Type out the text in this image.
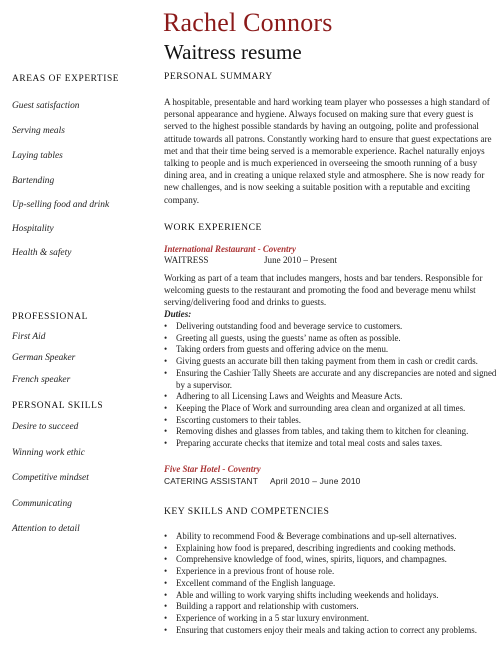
Rachel Connors
Waitress resume
AREAS OF EXPERTISE
Guest satisfaction
Serving meals
Laying tables
Bartending
Up-selling food and drink
Hospitality
Health & safety
PROFESSIONAL
First Aid
German Speaker
French speaker
PERSONAL SKILLS
Desire to succeed
Winning work ethic
Competitive mindset
Communicating
Attention to detail
PERSONAL SUMMARY
A hospitable, presentable and hard working team player who possesses a high standard of personal appearance and hygiene. Always focused on making sure that every guest is served to the highest possible standards by having an outgoing, polite and professional attitude towards all patrons. Constantly working hard to ensure that guest expectations are met and that their time being served is a memorable experience. Rachel naturally enjoys talking to people and is much experienced in overseeing the smooth running of a busy dining area, and in creating a unique relaxed style and atmosphere. She is now ready for new challenges, and is now seeking a suitable position with a reputable and exciting company.
WORK EXPERIENCE
International Restaurant - Coventry
WAITRESS	June 2010 – Present
Working as part of a team that includes mangers, hosts and bar tenders. Responsible for welcoming guests to the restaurant and promoting the food and beverage menu whilst serving/delivering food and drinks to guests.
Duties:
• Delivering outstanding food and beverage service to customers.
• Greeting all guests, using the guests’ name as often as possible.
• Taking orders from guests and offering advice on the menu.
• Giving guests an accurate bill then taking payment from them in cash or credit cards.
• Ensuring the Cashier Tally Sheets are accurate and any discrepancies are noted and signed by a supervisor.
• Adhering to all Licensing Laws and Weights and Measure Acts.
• Keeping the Place of Work and surrounding area clean and organized at all times.
• Escorting customers to their tables.
• Removing dishes and glasses from tables, and taking them to kitchen for cleaning.
• Preparing accurate checks that itemize and total meal costs and sales taxes.
Five Star Hotel - Coventry
CATERING ASSISTANT April 2010 – June 2010
KEY SKILLS AND COMPETENCIES
• Ability to recommend Food & Beverage combinations and up-sell alternatives.
• Explaining how food is prepared, describing ingredients and cooking methods.
• Comprehensive knowledge of food, wines, spirits, liquors, and champagnes.
• Experience in a previous front of house role.
• Excellent command of the English language.
• Able and willing to work varying shifts including weekends and holidays.
• Building a rapport and relationship with customers.
• Experience of working in a 5 star luxury environment.
• Ensuring that customers enjoy their meals and taking action to correct any problems.
